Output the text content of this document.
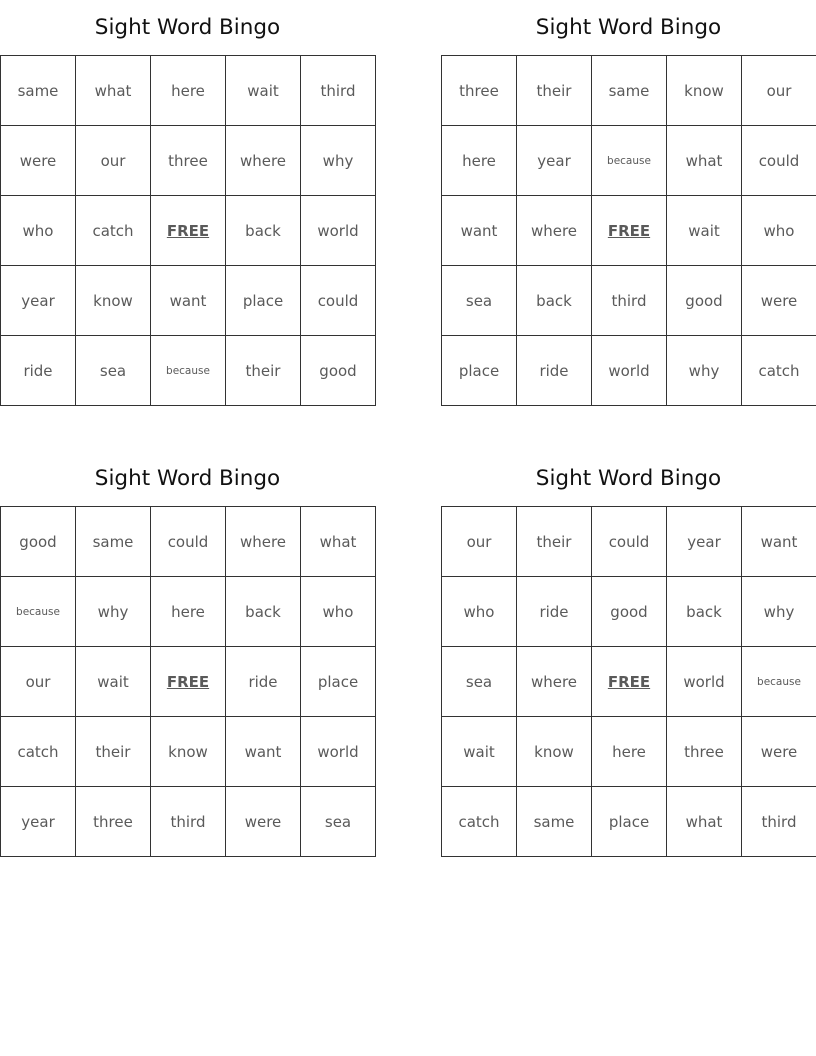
Sight Word Bingo
same	what	here	wait	third
were	our	three	where	why
who	catch	FREE	back	world
year	know	want	place	could
ride	sea	because	their	good
Sight Word Bingo
three	their	same	know	our
here	year	because	what	could
want	where	FREE	wait	who
sea	back	third	good	were
place	ride	world	why	catch
Sight Word Bingo
good	same	could	where	what
because	why	here	back	who
our	wait	FREE	ride	place
catch	their	know	want	world
year	three	third	were	sea
Sight Word Bingo
our	their	could	year	want
who	ride	good	back	why
sea	where	FREE	world	because
wait	know	here	three	were
catch	same	place	what	third
